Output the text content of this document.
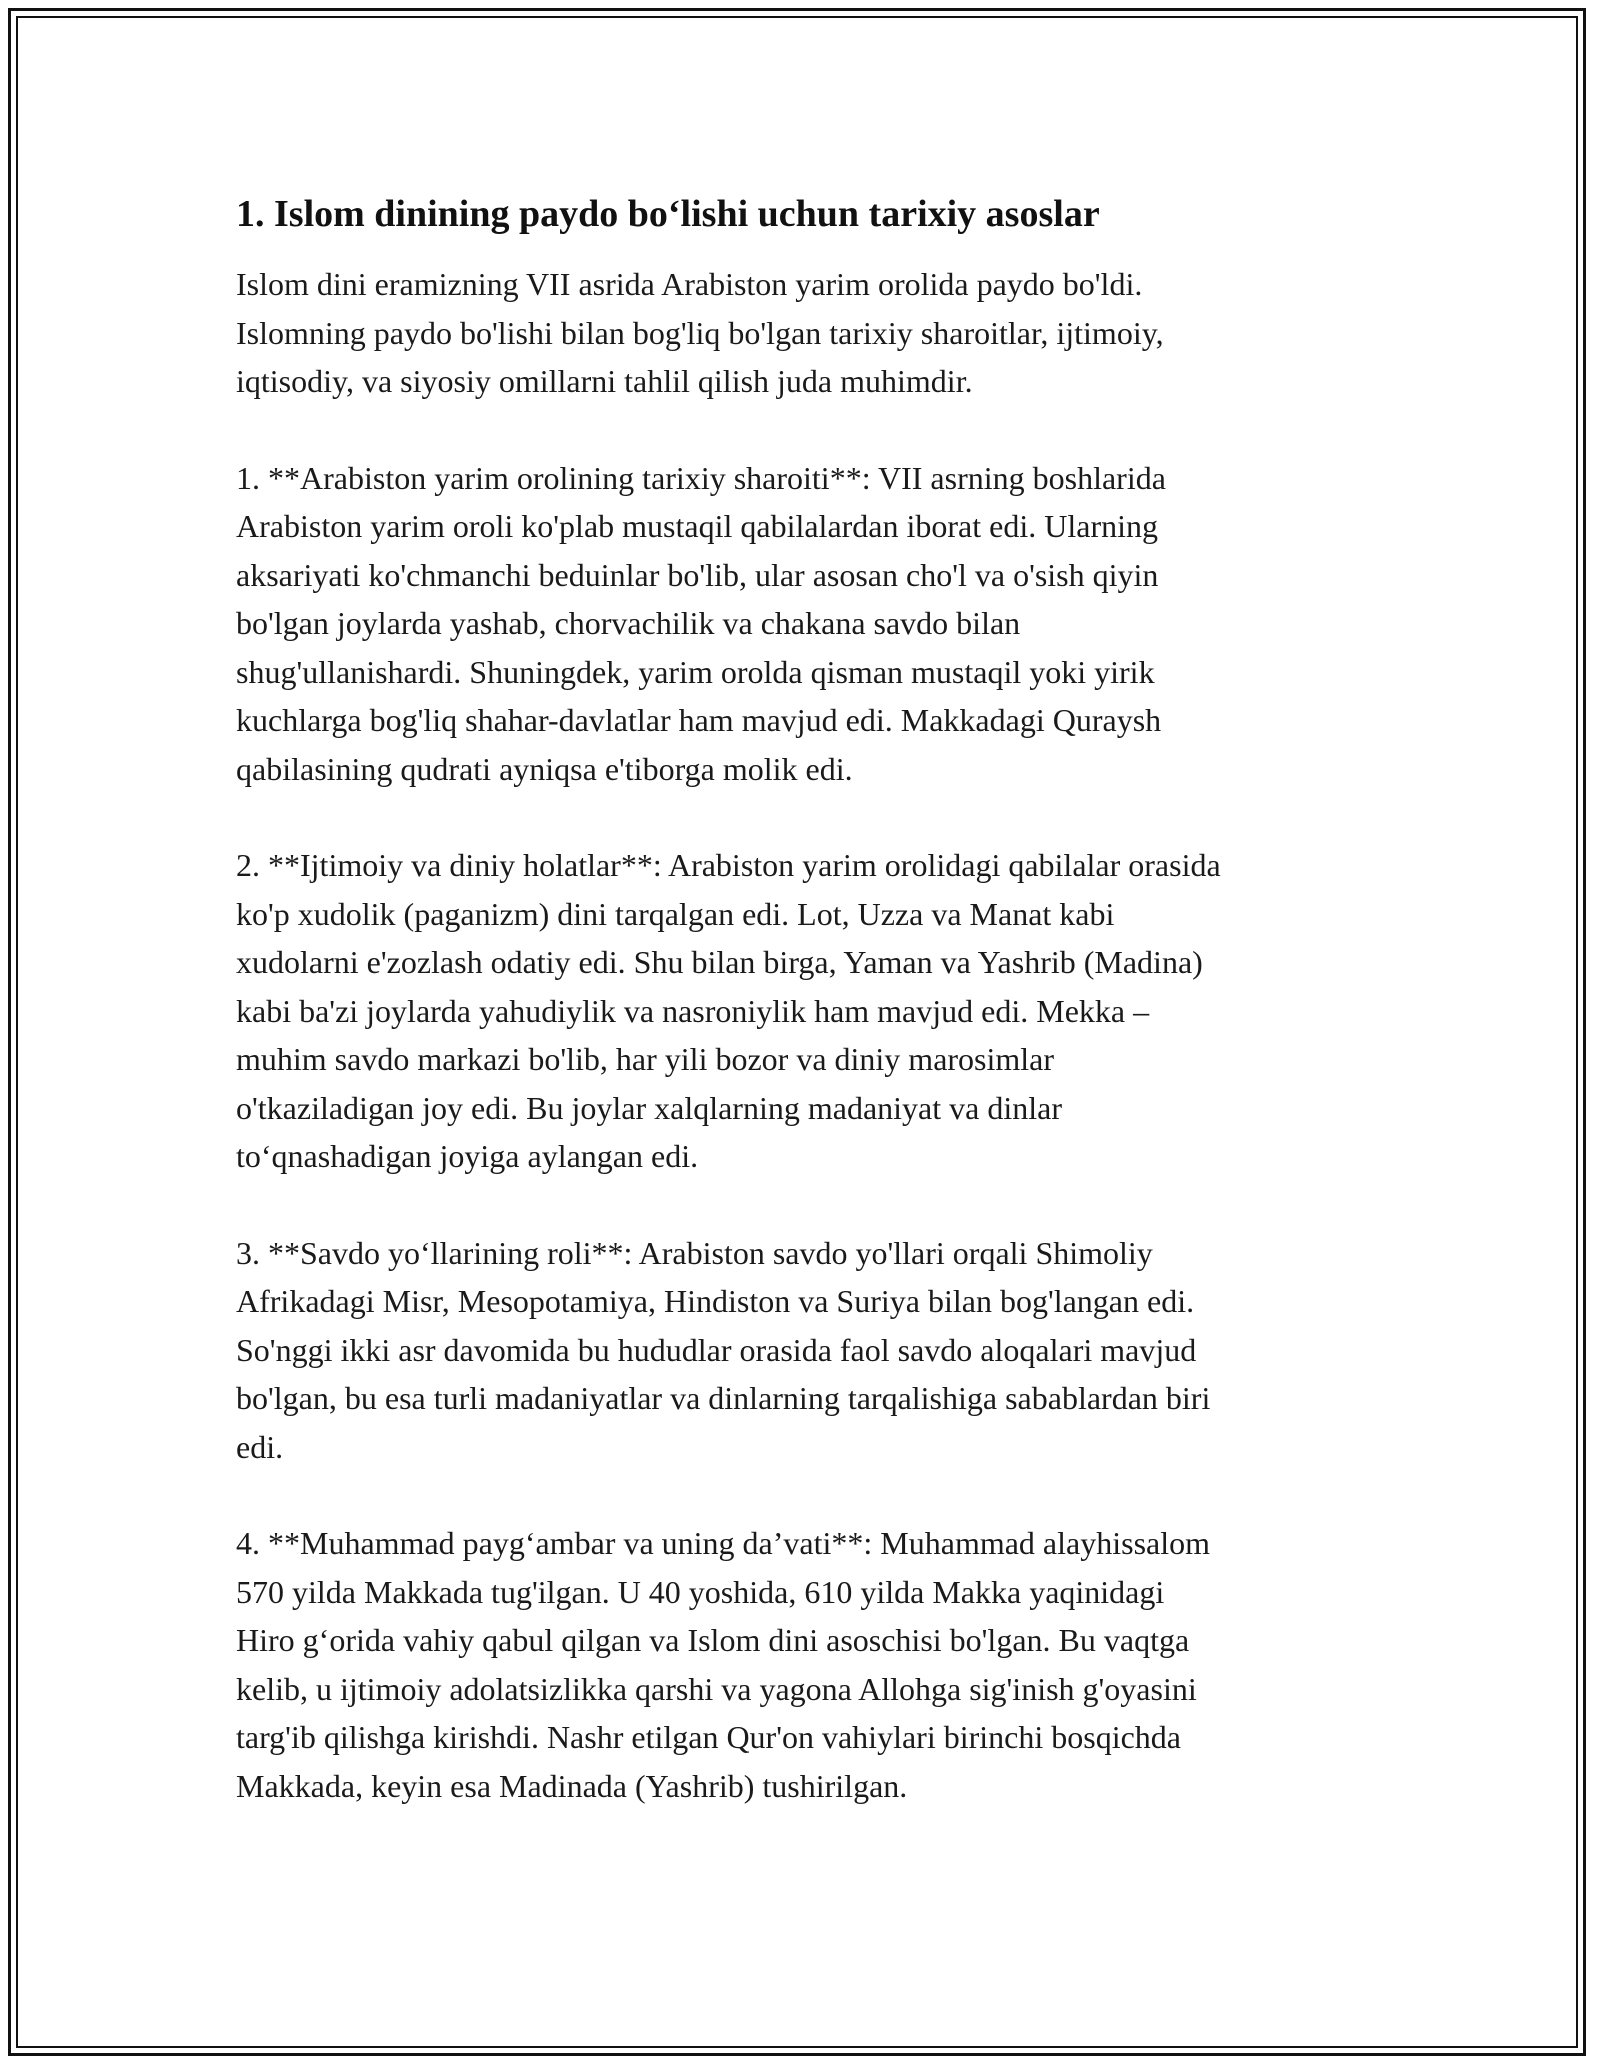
1. Islom dinining paydo bo‘lishi uchun tarixiy asoslar

Islom dini eramizning VII asrida Arabiston yarim orolida paydo bo'ldi.
Islomning paydo bo'lishi bilan bog'liq bo'lgan tarixiy sharoitlar, ijtimoiy,
iqtisodiy, va siyosiy omillarni tahlil qilish juda muhimdir.

1. **Arabiston yarim orolining tarixiy sharoiti**: VII asrning boshlarida
Arabiston yarim oroli ko'plab mustaqil qabilalardan iborat edi. Ularning
aksariyati ko'chmanchi beduinlar bo'lib, ular asosan cho'l va o'sish qiyin
bo'lgan joylarda yashab, chorvachilik va chakana savdo bilan
shug'ullanishardi. Shuningdek, yarim orolda qisman mustaqil yoki yirik
kuchlarga bog'liq shahar-davlatlar ham mavjud edi. Makkadagi Quraysh
qabilasining qudrati ayniqsa e'tiborga molik edi.

2. **Ijtimoiy va diniy holatlar**: Arabiston yarim orolidagi qabilalar orasida
ko'p xudolik (paganizm) dini tarqalgan edi. Lot, Uzza va Manat kabi
xudolarni e'zozlash odatiy edi. Shu bilan birga, Yaman va Yashrib (Madina)
kabi ba'zi joylarda yahudiylik va nasroniylik ham mavjud edi. Mekka –
muhim savdo markazi bo'lib, har yili bozor va diniy marosimlar
o'tkaziladigan joy edi. Bu joylar xalqlarning madaniyat va dinlar
to‘qnashadigan joyiga aylangan edi.

3. **Savdo yo‘llarining roli**: Arabiston savdo yo'llari orqali Shimoliy
Afrikadagi Misr, Mesopotamiya, Hindiston va Suriya bilan bog'langan edi.
So'nggi ikki asr davomida bu hududlar orasida faol savdo aloqalari mavjud
bo'lgan, bu esa turli madaniyatlar va dinlarning tarqalishiga sabablardan biri
edi.

4. **Muhammad payg‘ambar va uning da’vati**: Muhammad alayhissalom
570 yilda Makkada tug'ilgan. U 40 yoshida, 610 yilda Makka yaqinidagi
Hiro g‘orida vahiy qabul qilgan va Islom dini asoschisi bo'lgan. Bu vaqtga
kelib, u ijtimoiy adolatsizlikka qarshi va yagona Allohga sig'inish g'oyasini
targ'ib qilishga kirishdi. Nashr etilgan Qur'on vahiylari birinchi bosqichda
Makkada, keyin esa Madinada (Yashrib) tushirilgan.
